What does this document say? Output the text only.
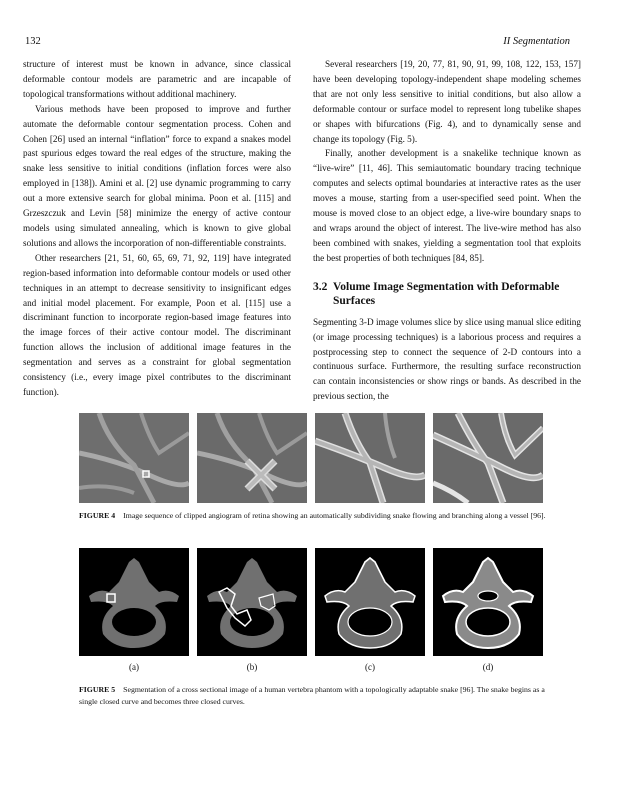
132	II Segmentation

structure of interest must be known in advance, since classical deformable contour models are parametric and are incapable of topological transformations without additional machinery.

Various methods have been proposed to improve and further automate the deformable contour segmentation process. Cohen and Cohen [26] used an internal “inflation” force to expand a snakes model past spurious edges toward the real edges of the structure, making the snake less sensitive to initial conditions (inflation forces were also employed in [138]). Amini et al. [2] use dynamic programming to carry out a more extensive search for global minima. Poon et al. [115] and Grzeszczuk and Levin [58] minimize the energy of active contour models using simulated annealing, which is known to give global solutions and allows the incorporation of non-differentiable constraints.

Other researchers [21, 51, 60, 65, 69, 71, 92, 119] have integrated region-based information into deformable contour models or used other techniques in an attempt to decrease sensitivity to insignificant edges and initial model placement. For example, Poon et al. [115] use a discriminant function to incorporate region-based image features into the image forces of their active contour model. The discriminant function allows the inclusion of additional image features in the segmentation and serves as a constraint for global segmentation consistency (i.e., every image pixel contributes to the discriminant function).

Several researchers [19, 20, 77, 81, 90, 91, 99, 108, 122, 153, 157] have been developing topology-independent shape modeling schemes that are not only less sensitive to initial conditions, but also allow a deformable contour or surface model to represent long tubelike shapes or shapes with bifurcations (Fig. 4), and to dynamically sense and change its topology (Fig. 5).

Finally, another development is a snakelike technique known as “live-wire” [11, 46]. This semiautomatic boundary tracing technique computes and selects optimal boundaries at interactive rates as the user moves a mouse, starting from a user-specified seed point. When the mouse is moved close to an object edge, a live-wire boundary snaps to and wraps around the object of interest. The live-wire method has also been combined with snakes, yielding a segmentation tool that exploits the best properties of both techniques [84, 85].

3.2 Volume Image Segmentation with Deformable Surfaces

Segmenting 3-D image volumes slice by slice using manual slice editing (or image processing techniques) is a laborious process and requires a postprocessing step to connect the sequence of 2-D contours into a continuous surface. Furthermore, the resulting surface reconstruction can contain inconsistencies or show rings or bands. As described in the previous section, the

FIGURE 4 Image sequence of clipped angiogram of retina showing an automatically subdividing snake flowing and branching along a vessel [96].
(a)	(b)	(c)	(d)
FIGURE 5 Segmentation of a cross sectional image of a human vertebra phantom with a topologically adaptable snake [96]. The snake begins as a single closed curve and becomes three closed curves.
